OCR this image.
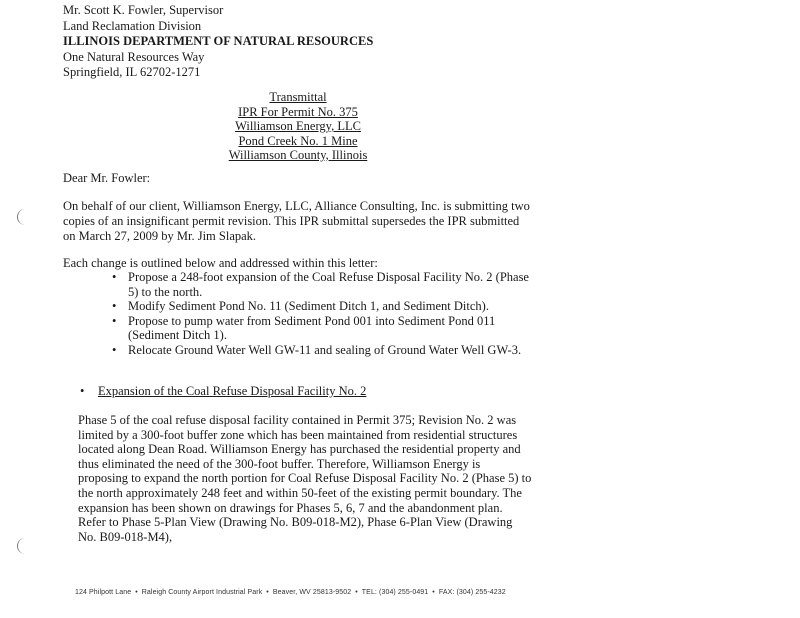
Mr. Scott K. Fowler, Supervisor
Land Reclamation Division
ILLINOIS DEPARTMENT OF NATURAL RESOURCES
One Natural Resources Way
Springfield, IL 62702-1271
Transmittal
IPR For Permit No. 375
Williamson Energy, LLC
Pond Creek No. 1 Mine
Williamson County, Illinois
Dear Mr. Fowler:
On behalf of our client, Williamson Energy, LLC, Alliance Consulting, Inc. is submitting two copies of an insignificant permit revision. This IPR submittal supersedes the IPR submitted on March 27, 2009 by Mr. Jim Slapak.
Each change is outlined below and addressed within this letter:
• Propose a 248-foot expansion of the Coal Refuse Disposal Facility No. 2 (Phase 5) to the north.
• Modify Sediment Pond No. 11 (Sediment Ditch 1, and Sediment Ditch).
• Propose to pump water from Sediment Pond 001 into Sediment Pond 011 (Sediment Ditch 1).
• Relocate Ground Water Well GW-11 and sealing of Ground Water Well GW-3.
• Expansion of the Coal Refuse Disposal Facility No. 2
Phase 5 of the coal refuse disposal facility contained in Permit 375; Revision No. 2 was limited by a 300-foot buffer zone which has been maintained from residential structures located along Dean Road. Williamson Energy has purchased the residential property and thus eliminated the need of the 300-foot buffer. Therefore, Williamson Energy is proposing to expand the north portion for Coal Refuse Disposal Facility No. 2 (Phase 5) to the north approximately 248 feet and within 50-feet of the existing permit boundary. The expansion has been shown on drawings for Phases 5, 6, 7 and the abandonment plan. Refer to Phase 5-Plan View (Drawing No. B09-018-M2), Phase 6-Plan View (Drawing No. B09-018-M4),
124 Philpott Lane • Raleigh County Airport Industrial Park • Beaver, WV 25813-9502 • TEL: (304) 255-0491 • FAX: (304) 255-4232
